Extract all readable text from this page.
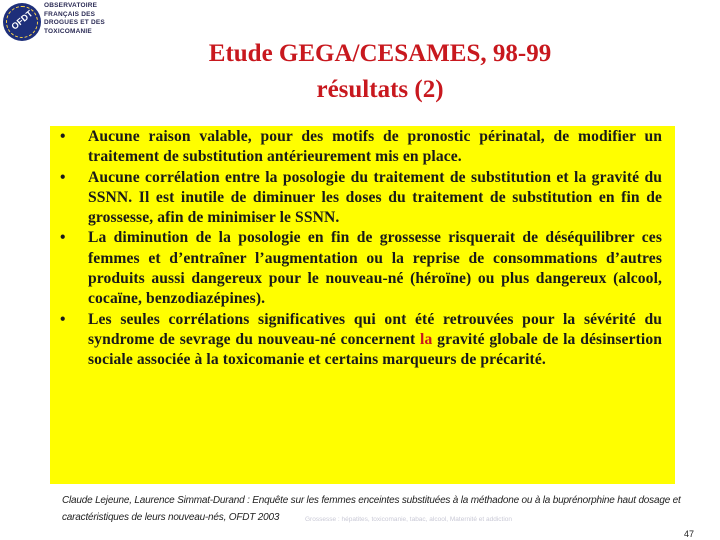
OFDT
OBSERVATOIRE
FRANÇAIS DES
DROGUES ET DES
TOXICOMANIE
Etude GEGA/CESAMES, 98-99
résultats (2)
• Aucune raison valable, pour des motifs de pronostic périnatal, de modifier un traitement de substitution antérieurement mis en place.
• Aucune corrélation entre la posologie du traitement de substitution et la gravité du SSNN. Il est inutile de diminuer les doses du traitement de substitution en fin de grossesse, afin de minimiser le SSNN.
• La diminution de la posologie en fin de grossesse risquerait de déséquilibrer ces femmes et d’entraîner l’augmentation ou la reprise de consommations d’autres produits aussi dangereux pour le nouveau-né (héroïne) ou plus dangereux (alcool, cocaïne, benzodiazépines).
• Les seules corrélations significatives qui ont été retrouvées pour la sévérité du syndrome de sevrage du nouveau-né concernent la gravité globale de la désinsertion sociale associée à la toxicomanie et certains marqueurs de précarité.
Claude Lejeune, Laurence Simmat-Durand : Enquête sur les femmes enceintes substituées à la méthadone ou à la buprénorphine haut dosage et caractéristiques de leurs nouveau-nés, OFDT 2003	Grossesse : hépatites, toxicomanie, tabac, alcool, Maternité et addiction
47
